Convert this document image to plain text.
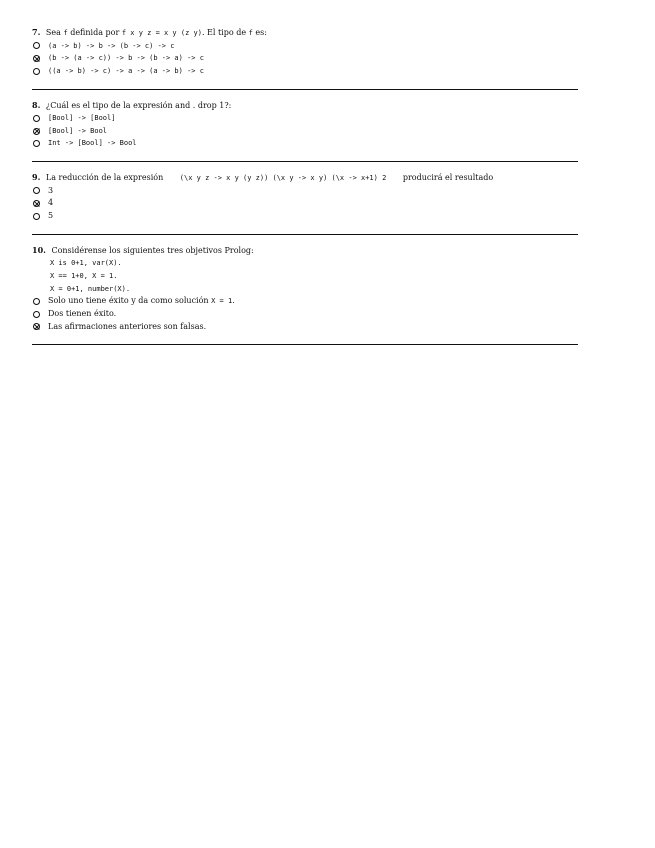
7. Sea f definida por f x y z = x y (z y). El tipo de f es:
(a -> b) -> b -> (b -> c) -> c
(b -> (a -> c)) -> b -> (b -> a) -> c
((a -> b) -> c) -> a -> (a -> b) -> c
8. ¿Cuál es el tipo de la expresión and . drop 1?:
[Bool] -> [Bool]
[Bool] -> Bool
Int -> [Bool] -> Bool
9. La reducción de la expresión (\x y z -> x y (y z)) (\x y -> x y) (\x -> x+1) 2 producirá el resultado
3
4
5
10. Considérense los siguientes tres objetivos Prolog:
X is 0+1, var(X).
X == 1+0, X = 1.
X = 0+1, number(X).
Solo uno tiene éxito y da como solución
X = 1 .
Dos tienen éxito.
Las afirmaciones anteriores son falsas.
